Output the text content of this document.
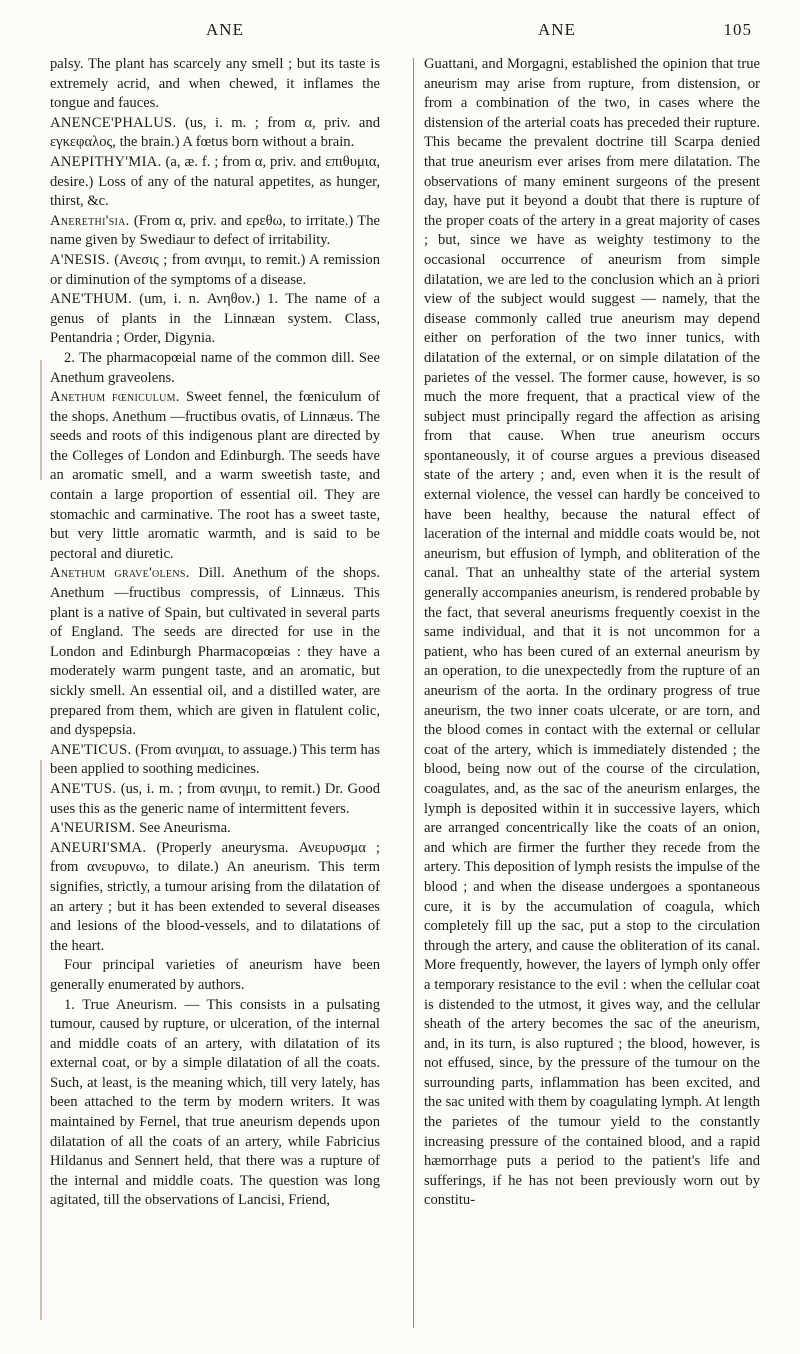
ANE	ANE	105

palsy. The plant has scarcely any smell ; but its taste is extremely acrid, and when chewed, it inflames the tongue and fauces.

ANENCE'PHALUS. (us, i. m. ; from α, priv. and εγκεφαλος, the brain.) A fœtus born without a brain.

ANEPITHY'MIA. (a, æ. f. ; from α, priv. and επιθυμια, desire.) Loss of any of the natural appetites, as hunger, thirst, &c.

Anerethi'sia. (From α, priv. and ερεθω, to irritate.) The name given by Swediaur to defect of irritability.

A'NESIS. (Ανεσις ; from ανιημι, to remit.) A remission or diminution of the symptoms of a disease.

ANE'THUM. (um, i. n. Ανηθον.) 1. The name of a genus of plants in the Linnæan system. Class, Pentandria ; Order, Digynia.

2. The pharmacopœial name of the common dill. See Anethum graveolens.

Anethum fœniculum. Sweet fennel, the fœniculum of the shops. Anethum —fructibus ovatis, of Linnæus. The seeds and roots of this indigenous plant are directed by the Colleges of London and Edinburgh. The seeds have an aromatic smell, and a warm sweetish taste, and contain a large proportion of essential oil. They are stomachic and carminative. The root has a sweet taste, but very little aromatic warmth, and is said to be pectoral and diuretic.

Anethum grave'olens. Dill. Anethum of the shops. Anethum —fructibus compressis, of Linnæus. This plant is a native of Spain, but cultivated in several parts of England. The seeds are directed for use in the London and Edinburgh Pharmacopœias : they have a moderately warm pungent taste, and an aromatic, but sickly smell. An essential oil, and a distilled water, are prepared from them, which are given in flatulent colic, and dyspepsia.

ANE'TICUS. (From ανιημαι, to assuage.) This term has been applied to soothing medicines.

ANE'TUS. (us, i. m. ; from ανιημι, to remit.) Dr. Good uses this as the generic name of intermittent fevers.

A'NEURISM. See Aneurisma.

ANEURI'SMA. (Properly aneurysma. Ανευρυσμα ; from ανευρυνω, to dilate.) An aneurism. This term signifies, strictly, a tumour arising from the dilatation of an artery ; but it has been extended to several diseases and lesions of the blood-vessels, and to dilatations of the heart.

Four principal varieties of aneurism have been generally enumerated by authors.

1. True Aneurism. — This consists in a pulsating tumour, caused by rupture, or ulceration, of the internal and middle coats of an artery, with dilatation of its external coat, or by a simple dilatation of all the coats. Such, at least, is the meaning which, till very lately, has been attached to the term by modern writers. It was maintained by Fernel, that true aneurism depends upon dilatation of all the coats of an artery, while Fabricius Hildanus and Sennert held, that there was a rupture of the internal and middle coats. The question was long agitated, till the observations of Lancisi, Friend,

Guattani, and Morgagni, established the opinion that true aneurism may arise from rupture, from distension, or from a combination of the two, in cases where the distension of the arterial coats has preceded their rupture. This became the prevalent doctrine till Scarpa denied that true aneurism ever arises from mere dilatation. The observations of many eminent surgeons of the present day, have put it beyond a doubt that there is rupture of the proper coats of the artery in a great majority of cases ; but, since we have as weighty testimony to the occasional occurrence of aneurism from simple dilatation, we are led to the conclusion which an à priori view of the subject would suggest — namely, that the disease commonly called true aneurism may depend either on perforation of the two inner tunics, with dilatation of the external, or on simple dilatation of the parietes of the vessel. The former cause, however, is so much the more frequent, that a practical view of the subject must principally regard the affection as arising from that cause. When true aneurism occurs spontaneously, it of course argues a previous diseased state of the artery ; and, even when it is the result of external violence, the vessel can hardly be conceived to have been healthy, because the natural effect of laceration of the internal and middle coats would be, not aneurism, but effusion of lymph, and obliteration of the canal. That an unhealthy state of the arterial system generally accompanies aneurism, is rendered probable by the fact, that several aneurisms frequently coexist in the same individual, and that it is not uncommon for a patient, who has been cured of an external aneurism by an operation, to die unexpectedly from the rupture of an aneurism of the aorta. In the ordinary progress of true aneurism, the two inner coats ulcerate, or are torn, and the blood comes in contact with the external or cellular coat of the artery, which is immediately distended ; the blood, being now out of the course of the circulation, coagulates, and, as the sac of the aneurism enlarges, the lymph is deposited within it in successive layers, which are arranged concentrically like the coats of an onion, and which are firmer the further they recede from the artery. This deposition of lymph resists the impulse of the blood ; and when the disease undergoes a spontaneous cure, it is by the accumulation of coagula, which completely fill up the sac, put a stop to the circulation through the artery, and cause the obliteration of its canal. More frequently, however, the layers of lymph only offer a temporary resistance to the evil : when the cellular coat is distended to the utmost, it gives way, and the cellular sheath of the artery becomes the sac of the aneurism, and, in its turn, is also ruptured ; the blood, however, is not effused, since, by the pressure of the tumour on the surrounding parts, inflammation has been excited, and the sac united with them by coagulating lymph. At length the parietes of the tumour yield to the constantly increasing pressure of the contained blood, and a rapid hæmorrhage puts a period to the patient's life and sufferings, if he has not been previously worn out by constitu-
